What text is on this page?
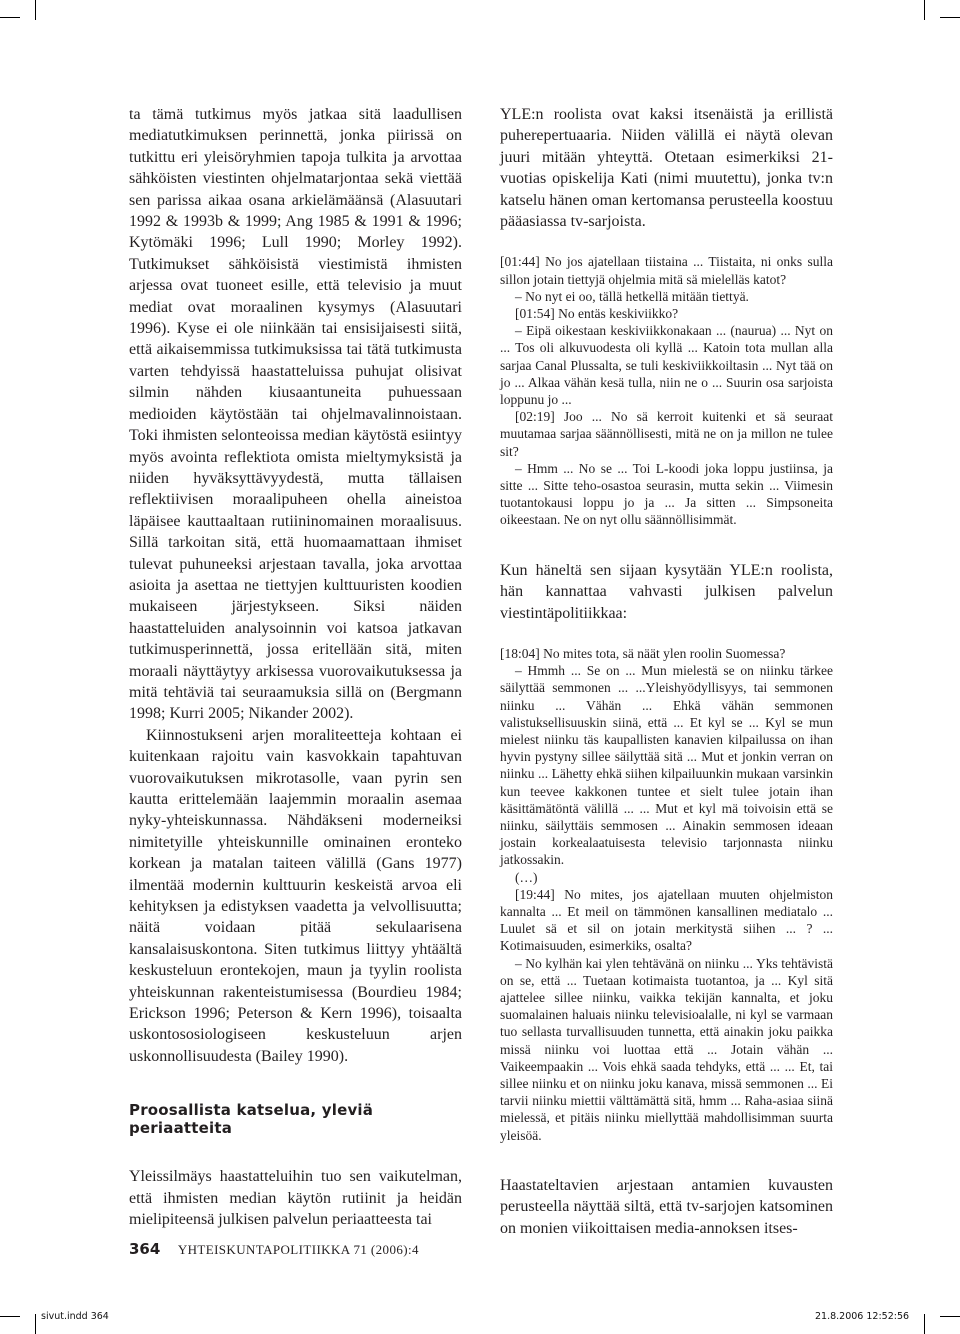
ta tämä tutkimus myös jatkaa sitä laadullisen mediatutkimuksen perinnettä, jonka piirissä on tutkittu eri yleisöryhmien tapoja tulkita ja arvottaa sähköisten viestinten ohjelmatarjontaa sekä viettää sen parissa aikaa osana arkielämäänsä (Alasuutari 1992 & 1993b & 1999; Ang 1985 & 1991 & 1996; Kytömäki 1996; Lull 1990; Morley 1992). Tutkimukset sähköisistä viestimistä ihmisten arjessa ovat tuoneet esille, että televisio ja muut mediat ovat moraalinen kysymys (Alasuutari 1996). Kyse ei ole niinkään tai ensisijaisesti siitä, että aikaisemmissa tutkimuksissa tai tätä tutkimusta varten tehdyissä haastatteluissa puhujat olisivat silmin nähden kiusaantuneita puhuessaan medioiden käytöstään tai ohjelmavalinnoistaan. Toki ihmisten selonteoissa median käytöstä esiintyy myös avointa reflektiota omista mieltymyksistä ja niiden hyväksyttävyydestä, mutta tällaisen reflektiivisen moraalipuheen ohella aineistoa läpäisee kauttaaltaan rutiininomainen moraalisuus. Sillä tarkoitan sitä, että huomaamattaan ihmiset tulevat puhuneeksi arjestaan tavalla, joka arvottaa asioita ja asettaa ne tiettyjen kulttuuristen koodien mukaiseen järjestykseen. Siksi näiden haastatteluiden analysoinnin voi katsoa jatkavan tutkimusperinnettä, jossa eritellään sitä, miten moraali näyttäytyy arkisessa vuorovaikutuksessa ja mitä tehtäviä tai seuraamuksia sillä on (Bergmann 1998; Kurri 2005; Nikander 2002).

Kiinnostukseni arjen moraliteetteja kohtaan ei kuitenkaan rajoitu vain kasvokkain tapahtuvan vuorovaikutuksen mikrotasolle, vaan pyrin sen kautta erittelemään laajemmin moraalin asemaa nyky-yhteiskunnassa. Nähdäkseni moderneiksi nimitetyille yhteiskunnille ominainen eronteko korkean ja matalan taiteen välillä (Gans 1977) ilmentää modernin kulttuurin keskeistä arvoa eli kehityksen ja edistyksen vaadetta ja velvollisuutta; näitä voidaan pitää sekulaarisena kansalaisuskontona. Siten tutkimus liittyy yhtäältä keskusteluun erontekojen, maun ja tyylin roolista yhteiskunnan rakenteistumisessa (Bourdieu 1984; Erickson 1996; Peterson & Kern 1996), toisaalta uskontososiologiseen keskusteluun arjen uskonnollisuudesta (Bailey 1990).

Proosallista katselua, yleviä periaatteita

Yleissilmäys haastatteluihin tuo sen vaikutelman, että ihmisten median käytön rutiinit ja heidän mielipiteensä julkisen palvelun periaatteesta tai

YLE:n roolista ovat kaksi itsenäistä ja erillistä puherepertuaaria. Niiden välillä ei näytä olevan juuri mitään yhteyttä. Otetaan esimerkiksi 21-vuotias opiskelija Kati (nimi muutettu), jonka tv:n katselu hänen oman kertomansa perusteella koostuu pääasiassa tv-sarjoista.

[01:44] No jos ajatellaan tiistaina ... Tiistaita, ni onks sulla sillon jotain tiettyjä ohjelmia mitä sä mielelläs katot?

– No nyt ei oo, tällä hetkellä mitään tiettyä.

[01:54] No entäs keskiviikko?

– Eipä oikestaan keskiviikkonakaan ... (naurua) ... Nyt on ... Tos oli alkuvuodesta oli kyllä ... Katoin tota mullan alla sarjaa Canal Plussalta, se tuli keskiviikkoiltasin ... Nyt tää on jo ... Alkaa vähän kesä tulla, niin ne o ... Suurin osa sarjoista loppunu jo ...

[02:19] Joo ... No sä kerroit kuitenki et sä seuraat muutamaa sarjaa säännöllisesti, mitä ne on ja millon ne tulee sit?

– Hmm ... No se ... Toi L-koodi joka loppu justiinsa, ja sitte ... Sitte teho-osastoa seurasin, mutta sekin ... Viimesin tuotantokausi loppu jo ja ... Ja sitten ... Simpsoneita oikeestaan. Ne on nyt ollu säännöllisimmät.

Kun häneltä sen sijaan kysytään YLE:n roolista, hän kannattaa vahvasti julkisen palvelun viestintäpolitiikkaa:

[18:04] No mites tota, sä näät ylen roolin Suomessa?

– Hmmh ... Se on ... Mun mielestä se on niinku tärkee säilyttää semmonen ... ...Yleishyödyllisyys, tai semmonen niinku ... Vähän ... Ehkä vähän semmonen valistuksellisuuskin siinä, että ... Et kyl se ... Kyl se mun mielest niinku täs kaupallisten kanavien kilpailussa on ihan hyvin pystyny sillee säilyttää sitä ... Mut et jonkin verran on niinku ... Lähetty ehkä siihen kilpailuunkin mukaan varsinkin kun teevee kakkonen tuntee et sielt tulee jotain ihan käsittämätöntä välillä ... ... Mut et kyl mä toivoisin että se niinku, säilyttäis semmosen ... Ainakin semmosen ideaan jostain korkealaatuisesta televisio tarjonnasta niinku jatkossakin.

(…)

[19:44] No mites, jos ajatellaan muuten ohjelmiston kannalta ... Et meil on tämmönen kansallinen mediatalo ... Luulet sä et sil on jotain merkitystä siihen ... ? ... Kotimaisuuden, esimerkiks, osalta?

– No kylhän kai ylen tehtävänä on niinku ... Yks tehtävistä on se, että ... Tuetaan kotimaista tuotantoa, ja ... Kyl sitä ajattelee sillee niinku, vaikka tekijän kannalta, et joku suomalainen haluais niinku televisioalalle, ni kyl se varmaan tuo sellasta turvallisuuden tunnetta, että ainakin joku paikka missä niinku voi luottaa että ... Jotain vähän ... Vaikeempaakin ... Vois ehkä saada tehdyks, että ... ... Et, tai sillee niinku et on niinku joku kanava, missä semmonen ... Ei tarvii niinku miettii välttämättä sitä, hmm ... Raha-asiaa siinä mielessä, et pitäis niinku miellyttää mahdollisimman suurta yleisöä.

Haastateltavien arjestaan antamien kuvausten perusteella näyttää siltä, että tv-sarjojen katsominen on monien viikoittaisen media-annoksen itses-

364 YHTEISKUNTAPOLITIIKKA 71 (2006):4
sivut.indd 364	21.8.2006 12:52:56
